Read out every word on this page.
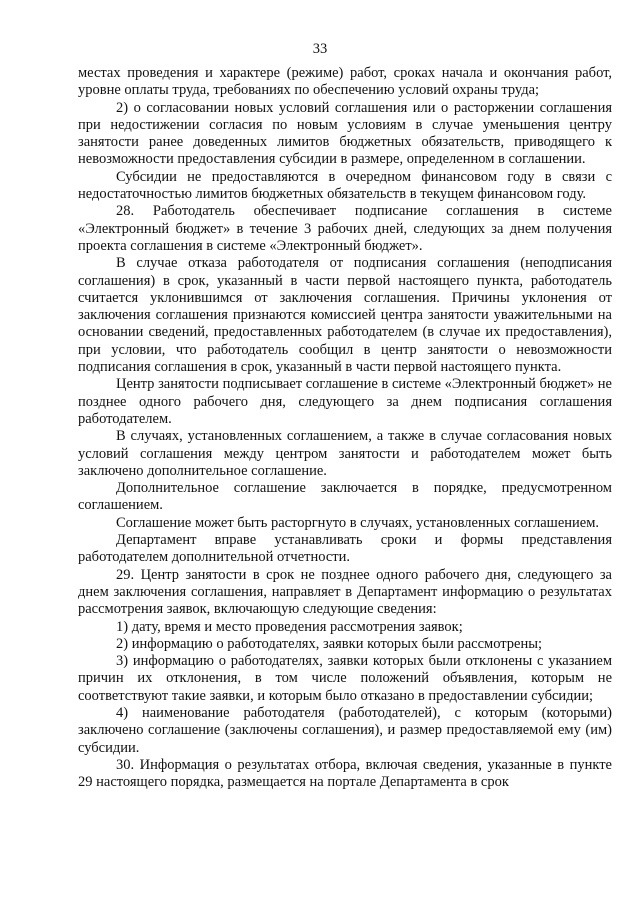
33

местах проведения и характере (режиме) работ, сроках начала и окончания работ, уровне оплаты труда, требованиях по обеспечению условий охраны труда;

2) о согласовании новых условий соглашения или о расторжении соглашения при недостижении согласия по новым условиям в случае уменьшения центру занятости ранее доведенных лимитов бюджетных обязательств, приводящего к невозможности предоставления субсидии в размере, определенном в соглашении.

Субсидии не предоставляются в очередном финансовом году в связи с недостаточностью лимитов бюджетных обязательств в текущем финансовом году.

28. Работодатель обеспечивает подписание соглашения в системе «Электронный бюджет» в течение 3 рабочих дней, следующих за днем получения проекта соглашения в системе «Электронный бюджет».

В случае отказа работодателя от подписания соглашения (неподписания соглашения) в срок, указанный в части первой настоящего пункта, работодатель считается уклонившимся от заключения соглашения. Причины уклонения от заключения соглашения признаются комиссией центра занятости уважительными на основании сведений, предоставленных работодателем (в случае их предоставления), при условии, что работодатель сообщил в центр занятости о невозможности подписания соглашения в срок, указанный в части первой настоящего пункта.

Центр занятости подписывает соглашение в системе «Электронный бюджет» не позднее одного рабочего дня, следующего за днем подписания соглашения работодателем.

В случаях, установленных соглашением, а также в случае согласования новых условий соглашения между центром занятости и работодателем может быть заключено дополнительное соглашение.

Дополнительное соглашение заключается в порядке, предусмотренном соглашением.

Соглашение может быть расторгнуто в случаях, установленных соглашением.

Департамент вправе устанавливать сроки и формы представления работодателем дополнительной отчетности.

29. Центр занятости в срок не позднее одного рабочего дня, следующего за днем заключения соглашения, направляет в Департамент информацию о результатах рассмотрения заявок, включающую следующие сведения:

1) дату, время и место проведения рассмотрения заявок;

2) информацию о работодателях, заявки которых были рассмотрены;

3) информацию о работодателях, заявки которых были отклонены с указанием причин их отклонения, в том числе положений объявления, которым не соответствуют такие заявки, и которым было отказано в предоставлении субсидии;

4) наименование работодателя (работодателей), с которым (которыми) заключено соглашение (заключены соглашения), и размер предоставляемой ему (им) субсидии.

30. Информация о результатах отбора, включая сведения, указанные в пункте 29 настоящего порядка, размещается на портале Департамента в срок
